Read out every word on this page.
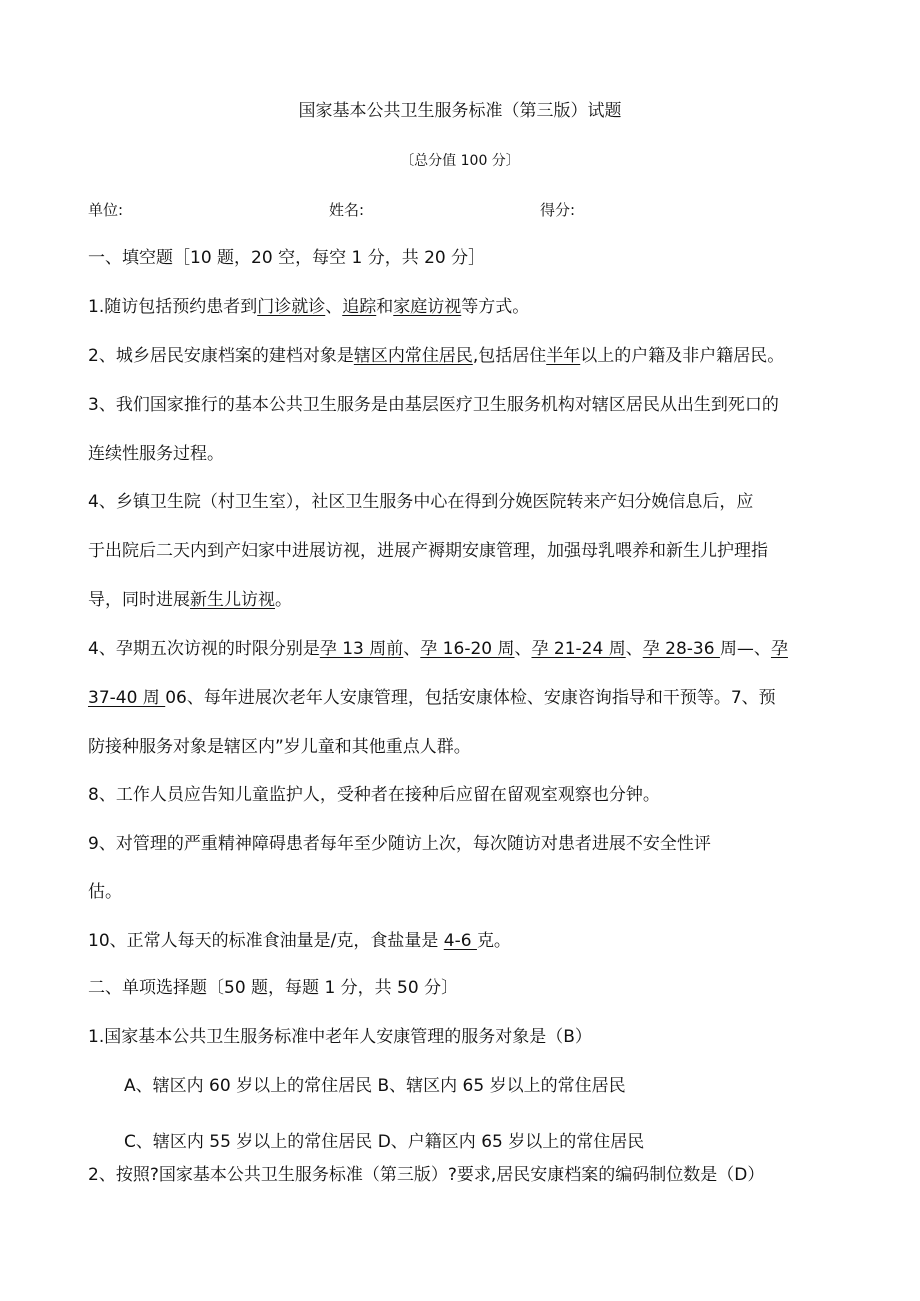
国家基本公共卫生服务标准（第三版）试题
〔总分值 100 分〕
单位:	姓名:	得分:
一、填空题［10 题，20 空，每空 1 分，共 20 分］
1.随访包括预约患者到门诊就诊、追踪和家庭访视等方式。
2、城乡居民安康档案的建档对象是辖区内常住居民,包括居住半年以上的户籍及非户籍居民。
3、我们国家推行的基本公共卫生服务是由基层医疗卫生服务机构对辖区居民从出生到死口的
连续性服务过程。
4、乡镇卫生院（村卫生室），社区卫生服务中心在得到分娩医院转来产妇分娩信息后，应
于出院后二天内到产妇家中进展访视，进展产褥期安康管理，加强母乳喂养和新生儿护理指
导，同时进展新生儿访视。
4、孕期五次访视的时限分别是孕 13 周前、孕 16-20 周、孕 21-24 周、孕 28-36 周—、孕
37-40 周 06、每年进展次老年人安康管理，包括安康体检、安康咨询指导和干预等。7、预
防接种服务对象是辖区内”岁儿童和其他重点人群。
8、工作人员应告知儿童监护人，受种者在接种后应留在留观室观察也分钟。
9、对管理的严重精神障碍患者每年至少随访上次，每次随访对患者进展不安全性评
估。
10、正常人每天的标准食油量是/克，食盐量是 4-6 克。
二、单项选择题〔50 题，每题 1 分，共 50 分〕
1.国家基本公共卫生服务标准中老年人安康管理的服务对象是（B）
A、辖区内 60 岁以上的常住居民 B、辖区内 65 岁以上的常住居民
C、辖区内 55 岁以上的常住居民 D、户籍区内 65 岁以上的常住居民
2、按照?国家基本公共卫生服务标准（第三版）?要求,居民安康档案的编码制位数是（D）
